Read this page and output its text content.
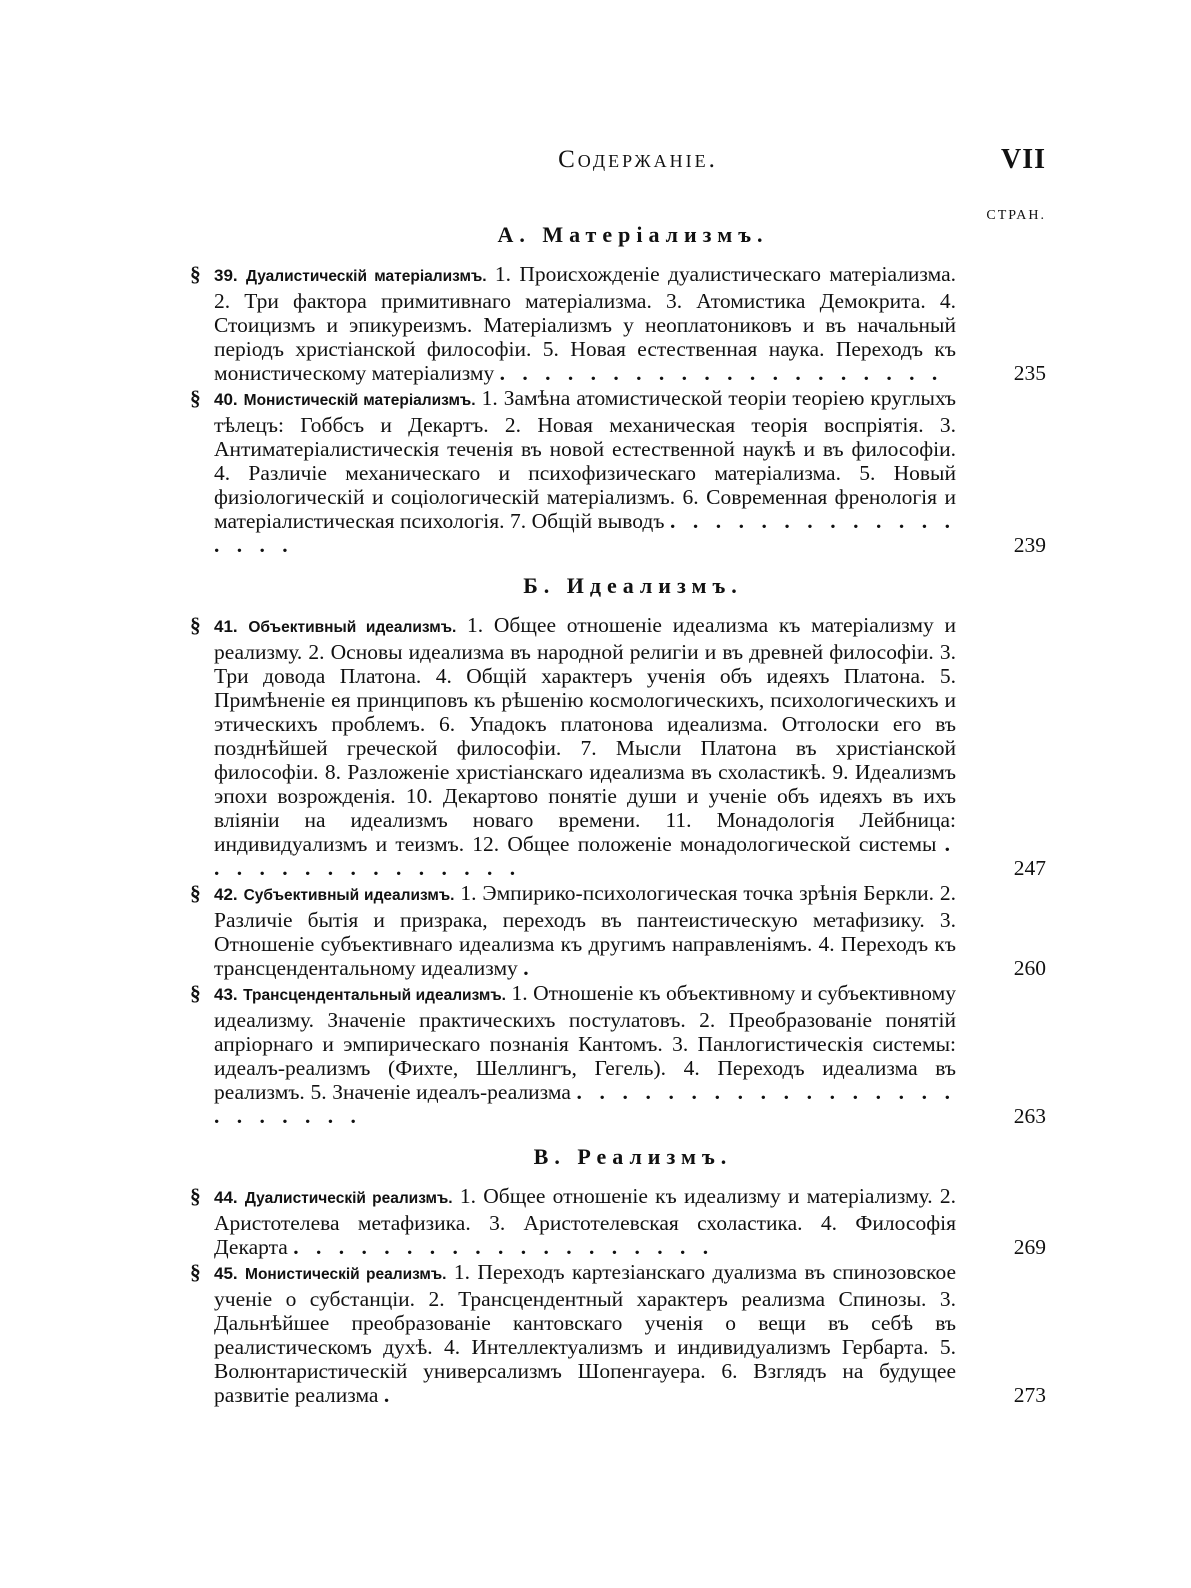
Содержаніе.	VII
СТРАН.
А. Матеріализмъ.
§ 39. Дуалистическій матеріализмъ. 1. Происхожденіе дуалистическаго матеріализма. 2. Три фактора примитивнаго матеріализма. 3. Атомистика Демокрита. 4. Стоицизмъ и эпикуреизмъ. Матеріализмъ у неоплатониковъ и въ начальный періодъ христіанской философіи. 5. Новая естественная наука. Переходъ къ монистическому матеріализму . . . . . . . . . . . . . . . . . . . .	235
§ 40. Монистическій матеріализмъ. 1. Замѣна атомистической теоріи теоріею круглыхъ тѣлецъ: Гоббсъ и Декартъ. 2. Новая механическая теорія воспріятія. 3. Антиматеріалистическія теченія въ новой естественной наукѣ и въ философіи. 4. Различіе механическаго и психофизическаго матеріализма. 5. Новый физіологическій и соціологическій матеріализмъ. 6. Современная френологія и матеріалистическая психологія. 7. Общій выводъ . . . . . . . . . . . . . . . . .	239
Б. Идеализмъ.
§ 41. Объективный идеализмъ. 1. Общее отношеніе идеализма къ матеріализму и реализму. 2. Основы идеализма въ народной религіи и въ древней философіи. 3. Три довода Платона. 4. Общій характеръ ученія объ идеяхъ Платона. 5. Примѣненіе ея принциповъ къ рѣшенію космологическихъ, психологическихъ и этическихъ проблемъ. 6. Упадокъ платонова идеализма. Отголоски его въ позднѣйшей греческой философіи. 7. Мысли Платона въ христіанской философіи. 8. Разложеніе христіанскаго идеализма въ схоластикѣ. 9. Идеализмъ эпохи возрожденія. 10. Декартово понятіе души и ученіе объ идеяхъ въ ихъ вліяніи на идеализмъ новаго времени. 11. Монадологія Лейбница: индивидуализмъ и теизмъ. 12. Общее положеніе монадологической системы . . . . . . . . . . . . . . .	247
§ 42. Субъективный идеализмъ. 1. Эмпирико-психологическая точка зрѣнія Беркли. 2. Различіе бытія и призрака, переходъ въ пантеистическую метафизику. 3. Отношеніе субъективнаго идеализма къ другимъ направленіямъ. 4. Переходъ къ трансцендентальному идеализму .	260
§ 43. Трансцендентальный идеализмъ. 1. Отношеніе къ объективному и субъективному идеализму. Значеніе практическихъ постулатовъ. 2. Преобразованіе понятій апріорнаго и эмпирическаго познанія Кантомъ. 3. Панлогистическія системы: идеалъ-реализмъ (Фихте, Шеллингъ, Гегель). 4. Переходъ идеализма въ реализмъ. 5. Значеніе идеалъ-реализма . . . . . . . . . . . . . . . . . . . . . . . .	263
В. Реализмъ.
§ 44. Дуалистическій реализмъ. 1. Общее отношеніе къ идеализму и матеріализму. 2. Аристотелева метафизика. 3. Аристотелевская схоластика. 4. Философія Декарта . . . . . . . . . . . . . . . . . . .	269
§ 45. Монистическій реализмъ. 1. Переходъ картезіанскаго дуализма въ спинозовское ученіе о субстанціи. 2. Трансцендентный характеръ реализма Спинозы. 3. Дальнѣйшее преобразованіе кантовскаго ученія о вещи въ себѣ въ реалистическомъ духѣ. 4. Интеллектуализмъ и индивидуализмъ Гербарта. 5. Волюнтаристическій универсализмъ Шопенгауера. 6. Взглядъ на будущее развитіе реализма .	273
